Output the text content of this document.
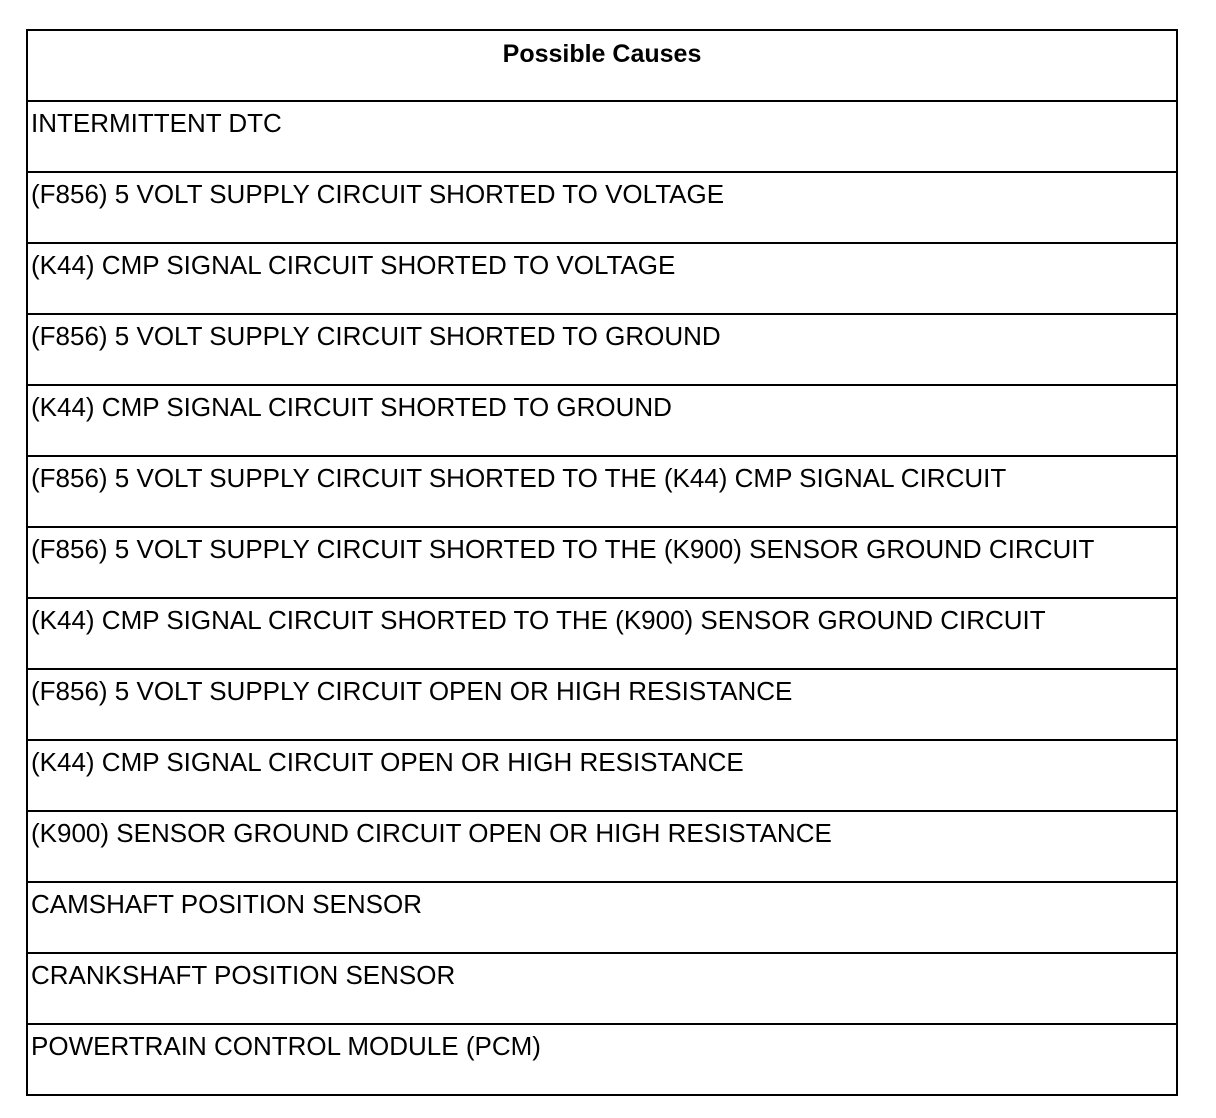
Possible Causes
INTERMITTENT DTC
(F856) 5 VOLT SUPPLY CIRCUIT SHORTED TO VOLTAGE
(K44) CMP SIGNAL CIRCUIT SHORTED TO VOLTAGE
(F856) 5 VOLT SUPPLY CIRCUIT SHORTED TO GROUND
(K44) CMP SIGNAL CIRCUIT SHORTED TO GROUND
(F856) 5 VOLT SUPPLY CIRCUIT SHORTED TO THE (K44) CMP SIGNAL CIRCUIT
(F856) 5 VOLT SUPPLY CIRCUIT SHORTED TO THE (K900) SENSOR GROUND CIRCUIT
(K44) CMP SIGNAL CIRCUIT SHORTED TO THE (K900) SENSOR GROUND CIRCUIT
(F856) 5 VOLT SUPPLY CIRCUIT OPEN OR HIGH RESISTANCE
(K44) CMP SIGNAL CIRCUIT OPEN OR HIGH RESISTANCE
(K900) SENSOR GROUND CIRCUIT OPEN OR HIGH RESISTANCE
CAMSHAFT POSITION SENSOR
CRANKSHAFT POSITION SENSOR
POWERTRAIN CONTROL MODULE (PCM)
